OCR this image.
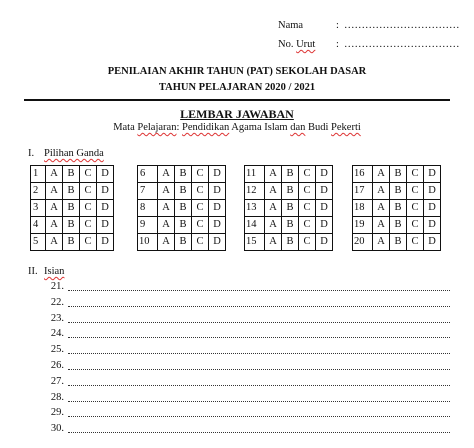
Nama	: ……………………………
No. Urut : ……………………………
PENILAIAN AKHIR TAHUN (PAT) SEKOLAH DASAR
TAHUN PELAJARAN 2020 / 2021
LEMBAR JAWABAN
Mata Pelajaran: Pendidikan Agama Islam dan Budi Pekerti
I. Pilihan Ganda
1	A	B	C	D
2	A	B	C	D
3	A	B	C	D
4	A	B	C	D
5	A	B	C	D
6	A	B	C	D
7	A	B	C	D
8	A	B	C	D
9	A	B	C	D
10	A	B	C	D
11	A	B	C	D
12	A	B	C	D
13	A	B	C	D
14	A	B	C	D
15	A	B	C	D
16	A	B	C	D
17	A	B	C	D
18	A	B	C	D
19	A	B	C	D
20	A	B	C	D
II. Isian
21.
22.
23.
24.
25.
26.
27.
28.
29.
30.
